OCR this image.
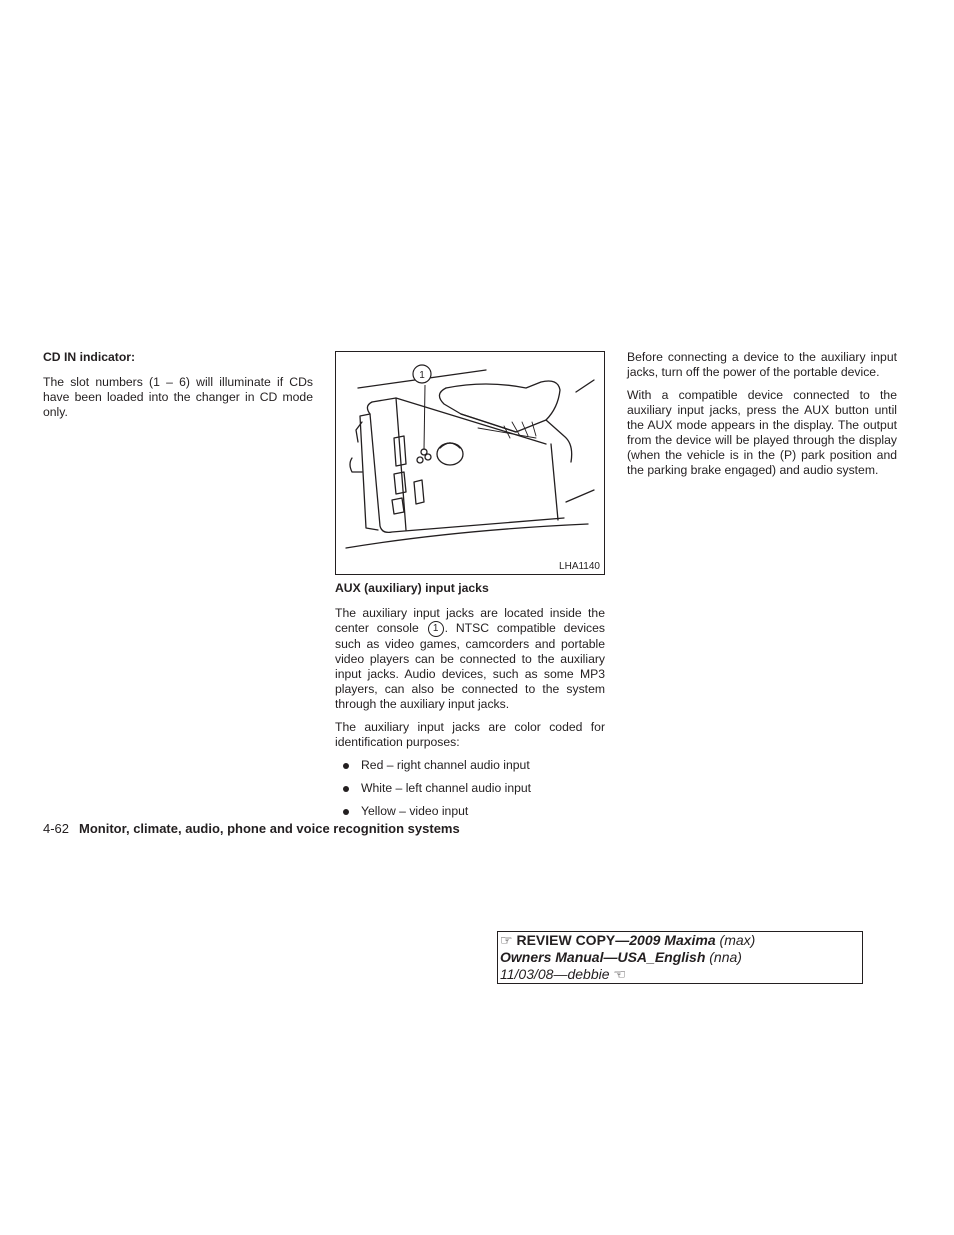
CD IN indicator:

The slot numbers (1 – 6) will illuminate if CDs have been loaded into the changer in CD mode only.

1
LHA1140
AUX (auxiliary) input jacks

The auxiliary input jacks are located inside the center console 1 . NTSC compatible devices such as video games, camcorders and portable video players can be connected to the auxiliary input jacks. Audio devices, such as some MP3 players, can also be connected to the system through the auxiliary input jacks.

The auxiliary input jacks are color coded for identification purposes:

Red – right channel audio input
White – left channel audio input
Yellow – video input

Before connecting a device to the auxiliary input jacks, turn off the power of the portable device.

With a compatible device connected to the auxiliary input jacks, press the AUX button until the AUX mode appears in the display. The output from the device will be played through the display (when the vehicle is in the (P) park position and the parking brake engaged) and audio system.

4-62 Monitor, climate, audio, phone and voice recognition systems
☞ REVIEW COPY—2009 Maxima (max)
Owners Manual—USA_English (nna)
11/03/08—debbie ☜
